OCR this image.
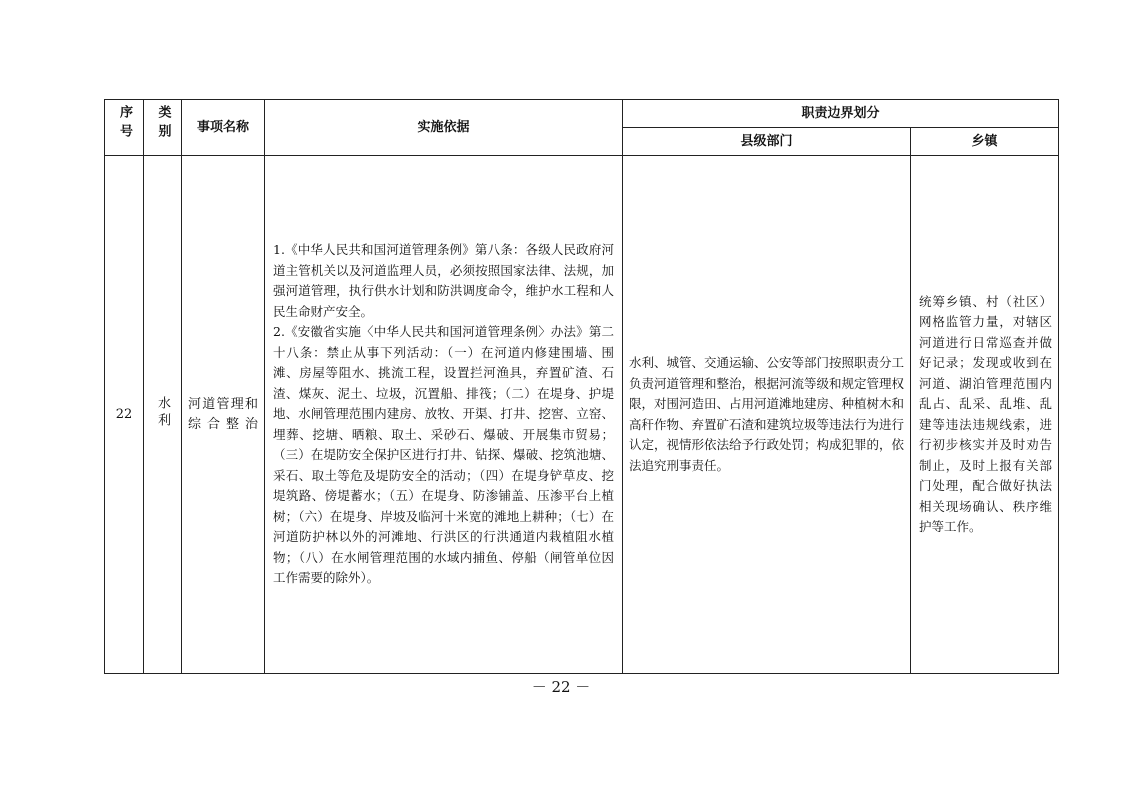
序号	类别	事项名称	实施依据	职责边界划分	
				县级部门	乡镇
22	水利	河道管理和综合整治	1.《中华人民共和国河道管理条例》第八条：各级人民政府河道主管机关以及河道监理人员，必须按照国家法律、法规，加强河道管理，执行供水计划和防洪调度命令，维护水工程和人民生命财产安全。

2.《安徽省实施〈中华人民共和国河道管理条例〉办法》第二十八条：禁止从事下列活动：（一）在河道内修建围墙、围滩、房屋等阻水、挑流工程，设置拦河渔具，弃置矿渣、石渣、煤灰、泥土、垃圾，沉置船、排筏；（二）在堤身、护堤地、水闸管理范围内建房、放牧、开渠、打井、挖窖、立窑、埋葬、挖塘、晒粮、取土、采砂石、爆破、开展集市贸易；（三）在堤防安全保护区进行打井、钻探、爆破、挖筑池塘、采石、取土等危及堤防安全的活动；（四）在堤身铲草皮、挖堤筑路、傍堤蓄水；（五）在堤身、防渗铺盖、压渗平台上植树；（六）在堤身、岸坡及临河十米宽的滩地上耕种；（七）在河道防护林以外的河滩地、行洪区的行洪通道内栽植阻水植物；（八）在水闸管理范围的水域内捕鱼、停船（闸管单位因工作需要的除外）。	水利、城管、交通运输、公安等部门按照职责分工负责河道管理和整治，根据河流等级和规定管理权限，对围河造田、占用河道滩地建房、种植树木和高秆作物、弃置矿石渣和建筑垃圾等违法行为进行认定，视情形依法给予行政处罚；构成犯罪的，依法追究刑事责任。	统筹乡镇、村（社区）网格监管力量，对辖区河道进行日常巡查并做好记录；发现或收到在河道、湖泊管理范围内乱占、乱采、乱堆、乱建等违法违规线索，进行初步核实并及时劝告制止，及时上报有关部门处理，配合做好执法相关现场确认、秩序维护等工作。
－ 22 －
